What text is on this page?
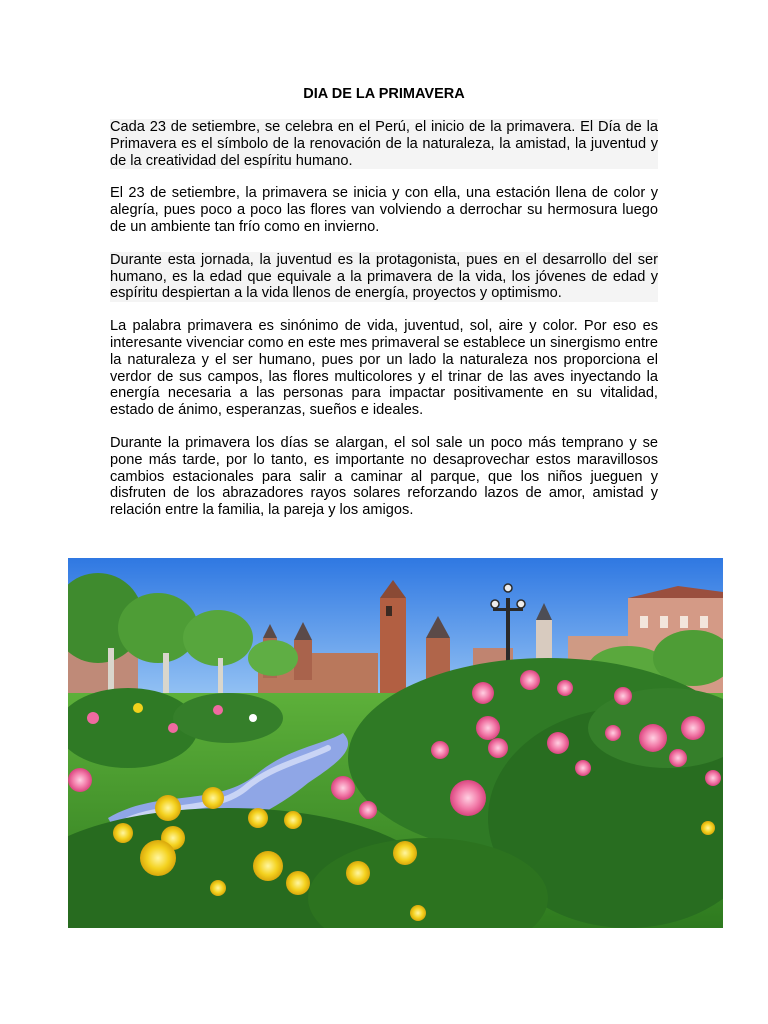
DIA DE LA PRIMAVERA

Cada 23 de setiembre, se celebra en el Perú, el inicio de la primavera. El Día de la Primavera es el símbolo de la renovación de la naturaleza, la amistad, la juventud y de la creatividad del espíritu humano.

El 23 de setiembre, la primavera se inicia y con ella, una estación llena de color y alegría, pues poco a poco las flores van volviendo a derrochar su hermosura luego de un ambiente tan frío como en invierno.

Durante esta jornada, la juventud es la protagonista, pues en el desarrollo del ser humano, es la edad que equivale a la primavera de la vida, los jóvenes de edad y espíritu despiertan a la vida llenos de energía, proyectos y optimismo.

La palabra primavera es sinónimo de vida, juventud, sol, aire y color. Por eso es interesante vivenciar como en este mes primaveral se establece un sinergismo entre la naturaleza y el ser humano, pues por un lado la naturaleza nos proporciona el verdor de sus campos, las flores multicolores y el trinar de las aves inyectando la energía necesaria a las personas para impactar positivamente en su vitalidad, estado de ánimo, esperanzas, sueños e ideales.

Durante la primavera los días se alargan, el sol sale un poco más temprano y se pone más tarde, por lo tanto, es importante no desaprovechar estos maravillosos cambios estacionales para salir a caminar al parque, que los niños jueguen y disfruten de los abrazadores rayos solares reforzando lazos de amor, amistad y relación entre la familia, la pareja y los amigos.
